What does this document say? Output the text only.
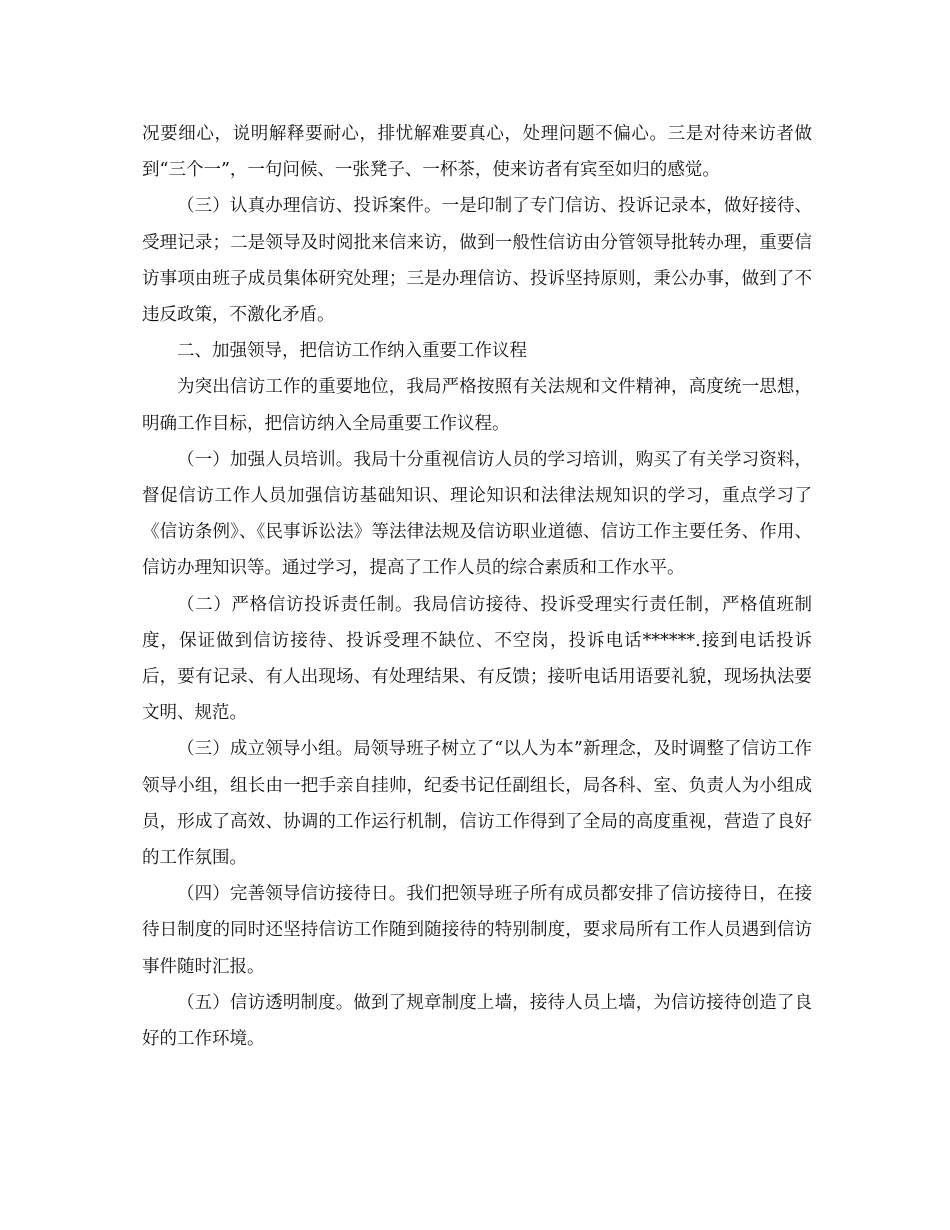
况要细心，说明解释要耐心，排忧解难要真心，处理问题不偏心。三是对待来访者做到“三个一”，一句问候、一张凳子、一杯茶，使来访者有宾至如归的感觉。

（三）认真办理信访、投诉案件。一是印制了专门信访、投诉记录本，做好接待、受理记录；二是领导及时阅批来信来访，做到一般性信访由分管领导批转办理，重要信访事项由班子成员集体研究处理；三是办理信访、投诉坚持原则，秉公办事，做到了不违反政策，不激化矛盾。

二、加强领导，把信访工作纳入重要工作议程

为突出信访工作的重要地位，我局严格按照有关法规和文件精神，高度统一思想，明确工作目标，把信访纳入全局重要工作议程。

（一）加强人员培训。我局十分重视信访人员的学习培训，购买了有关学习资料，督促信访工作人员加强信访基础知识、理论知识和法律法规知识的学习，重点学习了《信访条例》、《民事诉讼法》等法律法规及信访职业道德、信访工作主要任务、作用、信访办理知识等。通过学习，提高了工作人员的综合素质和工作水平。

（二）严格信访投诉责任制。我局信访接待、投诉受理实行责任制，严格值班制度，保证做到信访接待、投诉受理不缺位、不空岗，投诉电话******.接到电话投诉后，要有记录、有人出现场、有处理结果、有反馈；接听电话用语要礼貌，现场执法要文明、规范。

（三）成立领导小组。局领导班子树立了“以人为本”新理念，及时调整了信访工作领导小组，组长由一把手亲自挂帅，纪委书记任副组长，局各科、室、负责人为小组成员，形成了高效、协调的工作运行机制，信访工作得到了全局的高度重视，营造了良好的工作氛围。

（四）完善领导信访接待日。我们把领导班子所有成员都安排了信访接待日，在接待日制度的同时还坚持信访工作随到随接待的特别制度，要求局所有工作人员遇到信访事件随时汇报。

（五）信访透明制度。做到了规章制度上墙，接待人员上墙，为信访接待创造了良好的工作环境。
